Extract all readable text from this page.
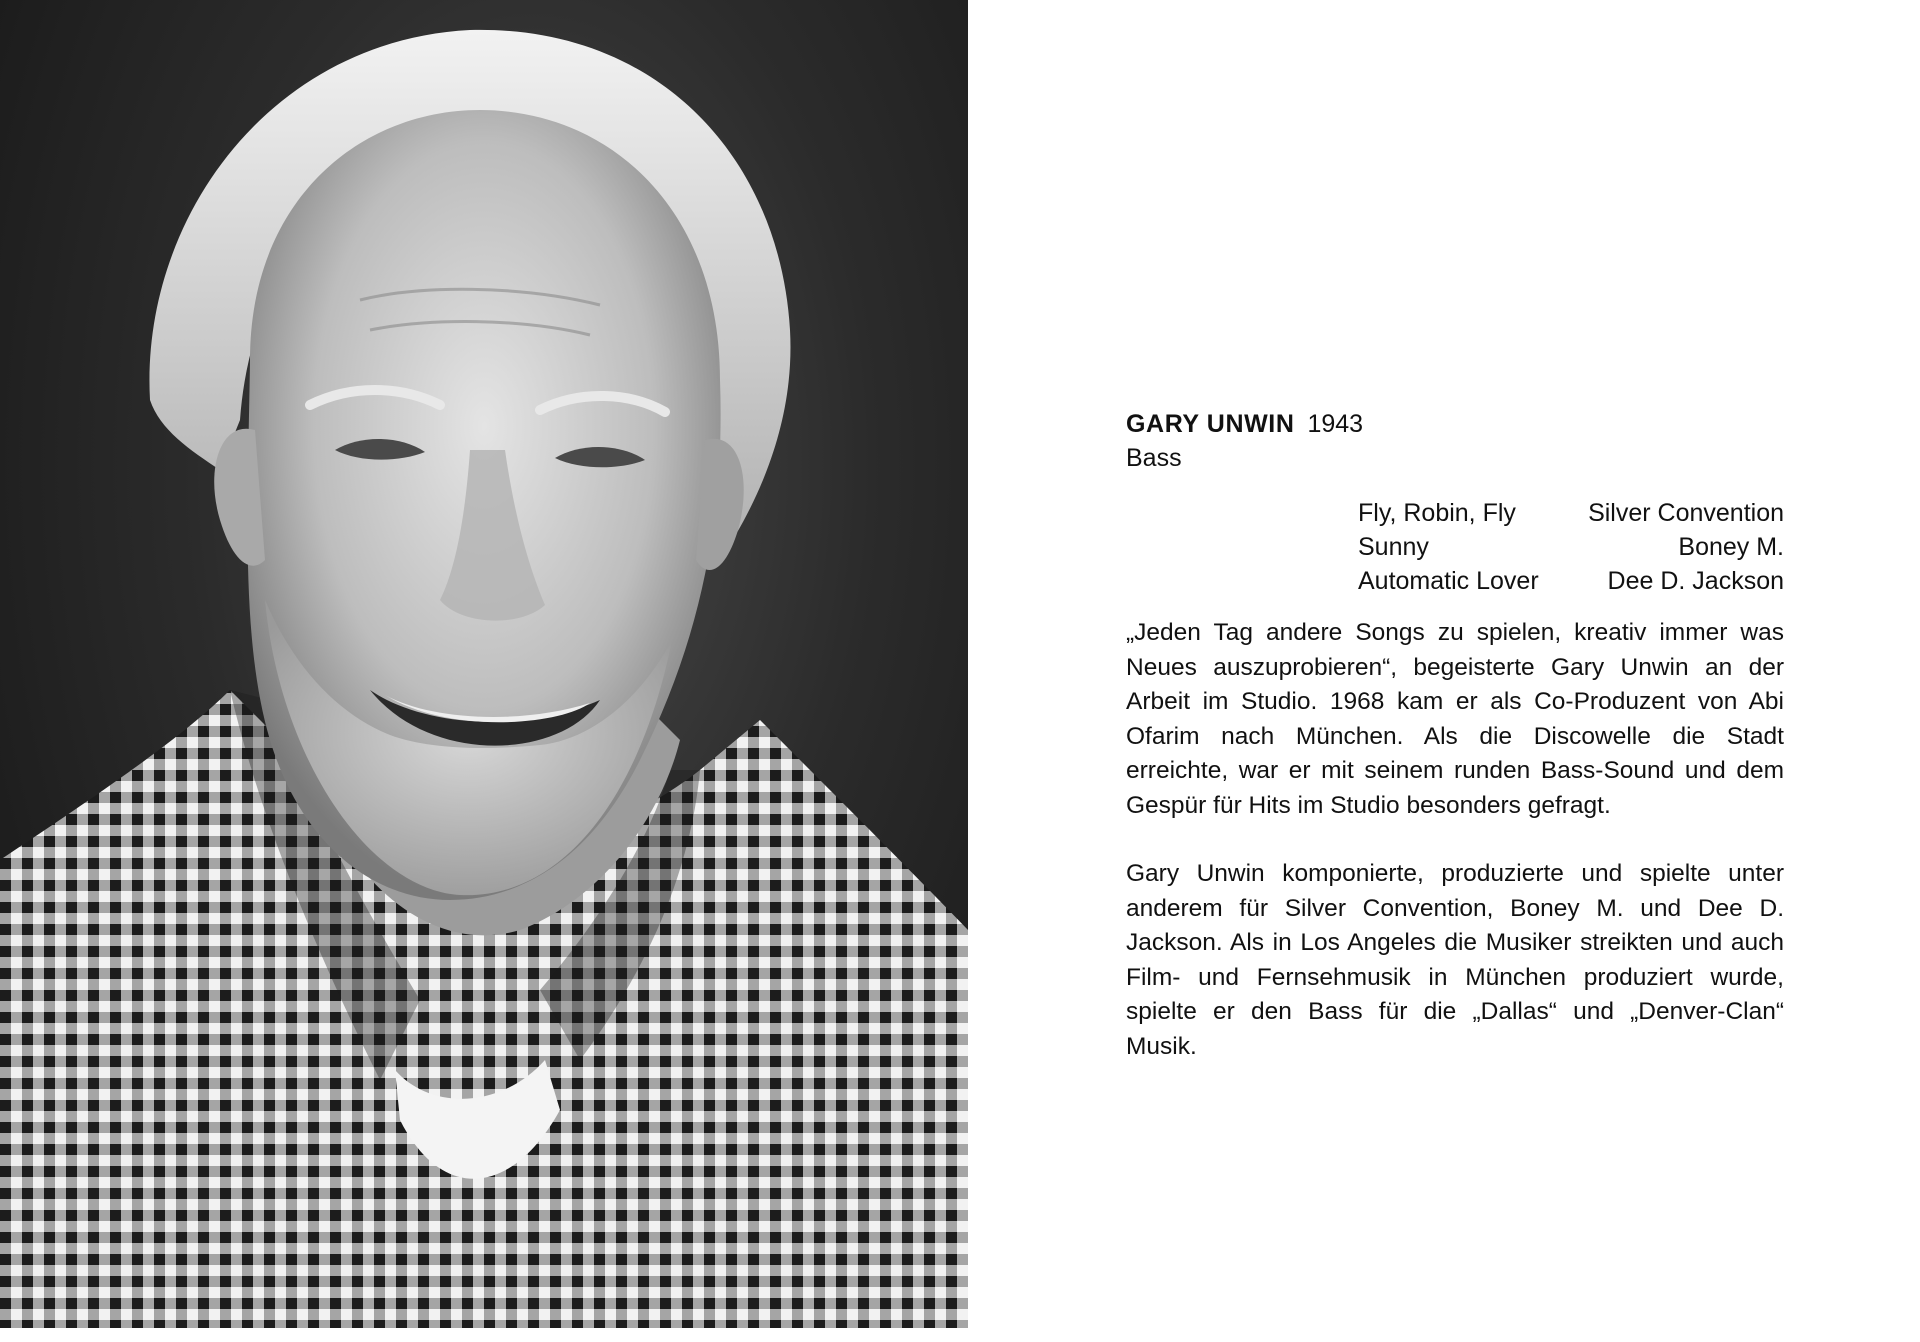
GARY UNWIN 1943

Bass

Fly, Robin, Fly	Silver Convention
Sunny	Boney M.
Automatic Lover	Dee D. Jackson

„Jeden Tag andere Songs zu spielen, kreativ immer was Neues auszuprobieren“, begeisterte Gary Unwin an der Arbeit im Studio. 1968 kam er als Co-Produzent von Abi Ofarim nach München. Als die Discowelle die Stadt erreichte, war er mit seinem runden Bass-Sound und dem Gespür für Hits im Studio besonders gefragt.

Gary Unwin komponierte, produzierte und spielte unter anderem für Silver Convention, Boney M. und Dee D. Jackson. Als in Los Angeles die Musiker streikten und auch Film- und Fernsehmusik in München produziert wurde, spielte er den Bass für die „Dallas“ und „Denver-Clan“ Musik.
